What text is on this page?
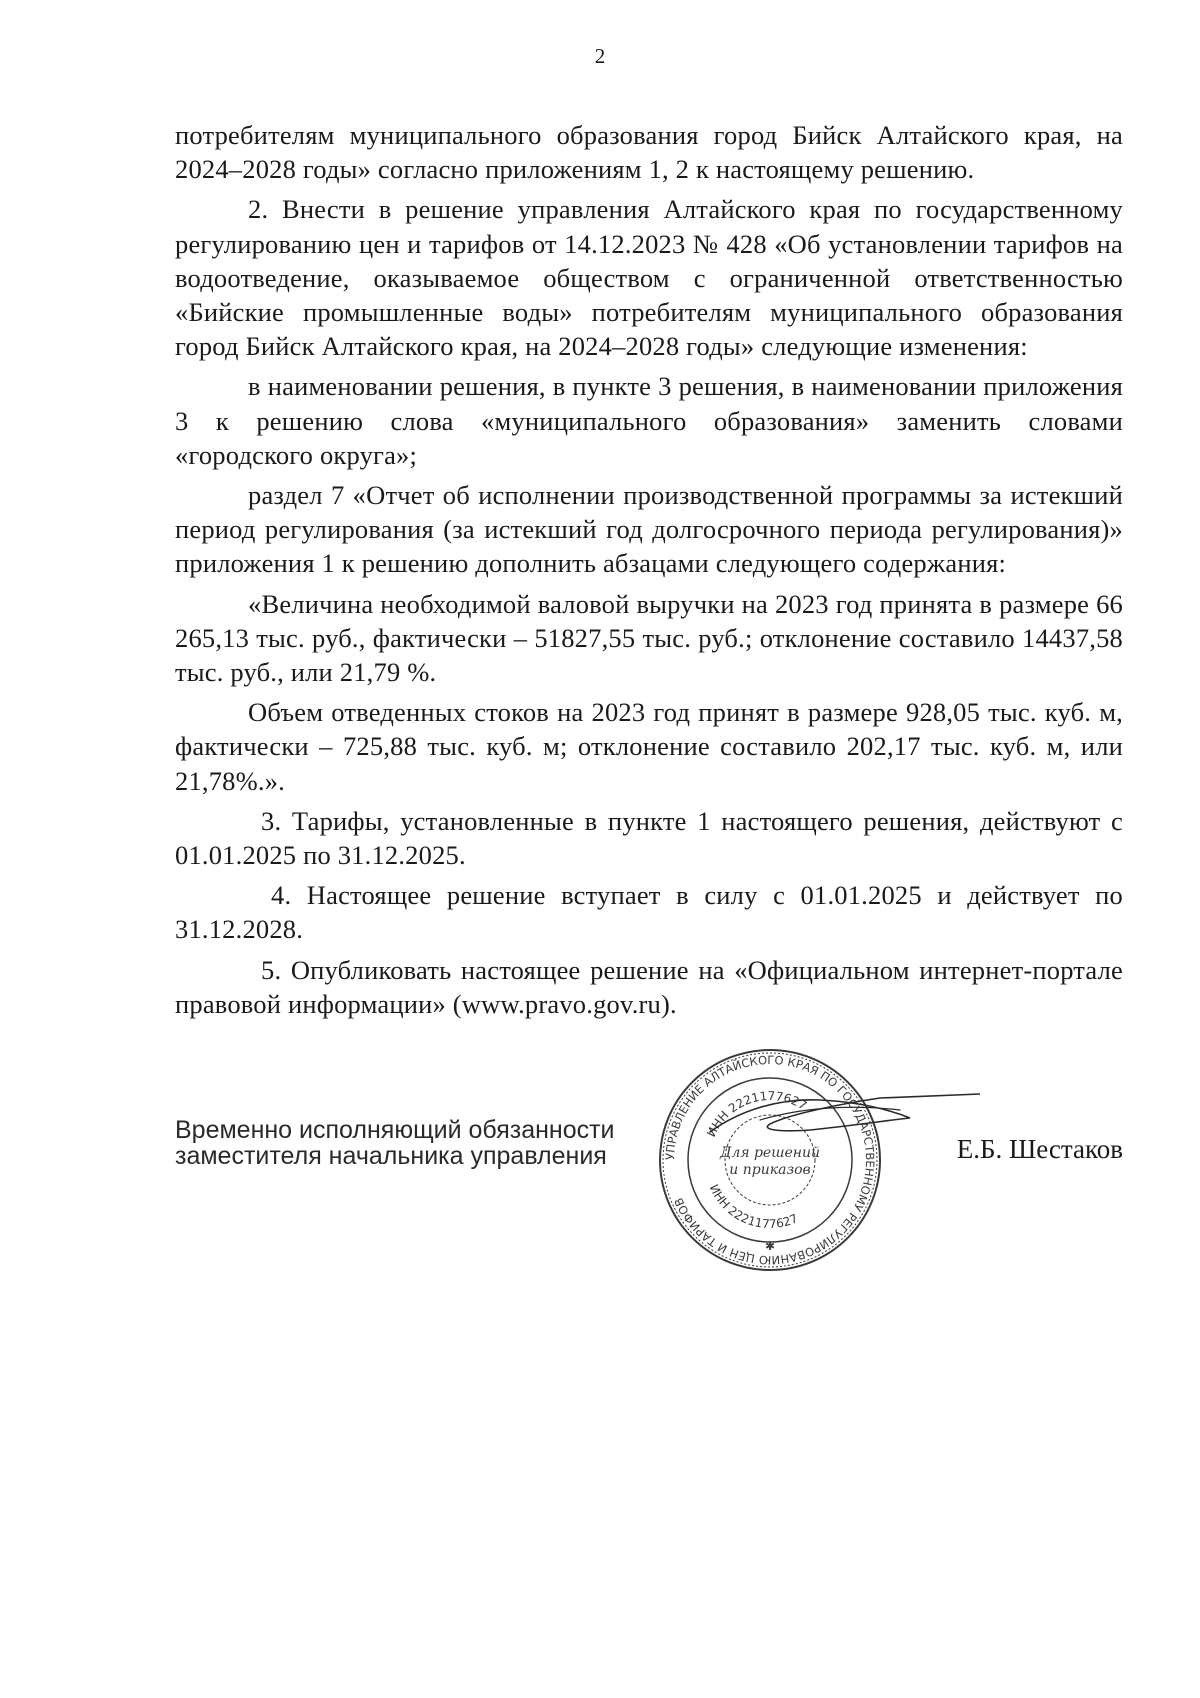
2

потребителям муниципального образования город Бийск Алтайского края, на 2024–2028 годы» согласно приложениям 1, 2 к настоящему решению.

2. Внести в решение управления Алтайского края по государственному регулированию цен и тарифов от 14.12.2023 № 428 «Об установлении тарифов на водоотведение, оказываемое обществом с ограниченной ответственностью «Бийские промышленные воды» потребителям муниципального образования город Бийск Алтайского края, на 2024–2028 годы» следующие изменения:

в наименовании решения, в пункте 3 решения, в наименовании приложения 3 к решению слова «муниципального образования» заменить словами «городского округа»;

раздел 7 «Отчет об исполнении производственной программы за истекший период регулирования (за истекший год долгосрочного периода регулирования)» приложения 1 к решению дополнить абзацами следующего содержания:

«Величина необходимой валовой выручки на 2023 год принята в размере 66 265,13 тыс. руб., фактически – 51827,55 тыс. руб.; отклонение составило 14437,58 тыс. руб., или 21,79 %.

Объем отведенных стоков на 2023 год принят в размере 928,05 тыс. куб. м, фактически – 725,88 тыс. куб. м; отклонение составило 202,17 тыс. куб. м, или 21,78%.».

3. Тарифы, установленные в пункте 1 настоящего решения, действуют с 01.01.2025 по 31.12.2025.

4. Настоящее решение вступает в силу с 01.01.2025 и действует по 31.12.2028.

5. Опубликовать настоящее решение на «Официальном интернет-портале правовой информации» (www.pravo.gov.ru).

Временно исполняющий обязанности
заместителя начальника управления	УПРАВЛЕНИЕ АЛТАЙСКОГО КРАЯ ПО ГОСУДАРСТВЕННОМУ РЕГУЛИРОВАНИЮ ЦЕН И ТАРИФОВ
ИНН 2221177627
ИНН 2221177627
Для решений
и приказов
✱
Е.Б. Шестаков
